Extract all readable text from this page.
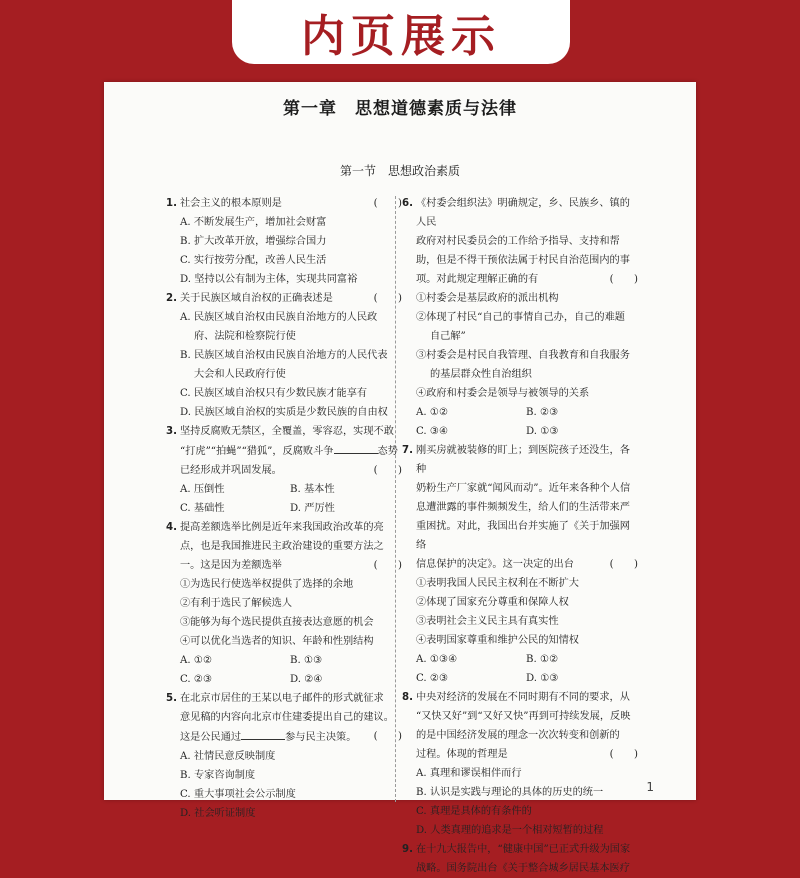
内页展示
第一章　思想道德素质与法律
第一节　思想政治素质
1. 社会主义的根本原则是	(　　)
A. 不断发展生产，增加社会财富
B. 扩大改革开放，增强综合国力
C. 实行按劳分配，改善人民生活
D. 坚持以公有制为主体，实现共同富裕
2. 关于民族区域自治权的正确表述是	(　　)
A. 民族区域自治权由民族自治地方的人民政
府、法院和检察院行使
B. 民族区域自治权由民族自治地方的人民代表
大会和人民政府行使
C. 民族区域自治权只有少数民族才能享有
D. 民族区域自治权的实质是少数民族的自由权
3. 坚持反腐败无禁区，全覆盖，零容忍，实现不敢
“打虎”“拍蝇”“猎狐”，反腐败斗争	态势
已经形成并巩固发展。	(　　)
A. 压倒性	B. 基本性
C. 基础性	D. 严厉性
4. 提高差额选举比例是近年来我国政治改革的亮
点，也是我国推进民主政治建设的重要方法之
一。这是因为差额选举	(　　)
①为选民行使选举权提供了选择的余地
②有利于选民了解候选人
③能够为每个选民提供直接表达意愿的机会
④可以优化当选者的知识、年龄和性别结构
A. ①②	B. ①③
C. ②③	D. ②④
5. 在北京市居住的王某以电子邮件的形式就征求
意见稿的内容向北京市住建委提出自己的建议。
这是公民通过	参与民主决策。 (　　)
A. 社情民意反映制度
B. 专家咨询制度
C. 重大事项社会公示制度
D. 社会听证制度
6. 《村委会组织法》明确规定，乡、民族乡、镇的人民
政府对村民委员会的工作给予指导、支持和帮
助，但是不得干预依法属于村民自治范围内的事
项。对此规定理解正确的有	(　　)
①村委会是基层政府的派出机构
②体现了村民“自己的事情自己办，自己的难题
自己解”
③村委会是村民自我管理、自我教育和自我服务
的基层群众性自治组织
④政府和村委会是领导与被领导的关系
A. ①②	B. ②③
C. ③④	D. ①③
7. 刚买房就被装修的盯上；到医院孩子还没生，各种
奶粉生产厂家就“闻风而动”。近年来各种个人信
息遭泄露的事件频频发生，给人们的生活带来严
重困扰。对此，我国出台并实施了《关于加强网络
信息保护的决定》。这一决定的出台	(　　)
①表明我国人民民主权利在不断扩大
②体现了国家充分尊重和保障人权
③表明社会主义民主具有真实性
④表明国家尊重和维护公民的知情权
A. ①③④	B. ①②
C. ②③	D. ①③
8. 中央对经济的发展在不同时期有不同的要求，从
“又快又好”到“又好又快”再到可持续发展，反映
的是中国经济发展的理念一次次转变和创新的
过程。体现的哲理是	(　　)
A. 真理和谬误相伴而行
B. 认识是实践与理论的具体的历史的统一
C. 真理是具体的有条件的
D. 人类真理的追求是一个相对短暂的过程
9. 在十九大报告中，“健康中国”已正式升级为国家
战略。国务院出台《关于整合城乡居民基本医疗
1
